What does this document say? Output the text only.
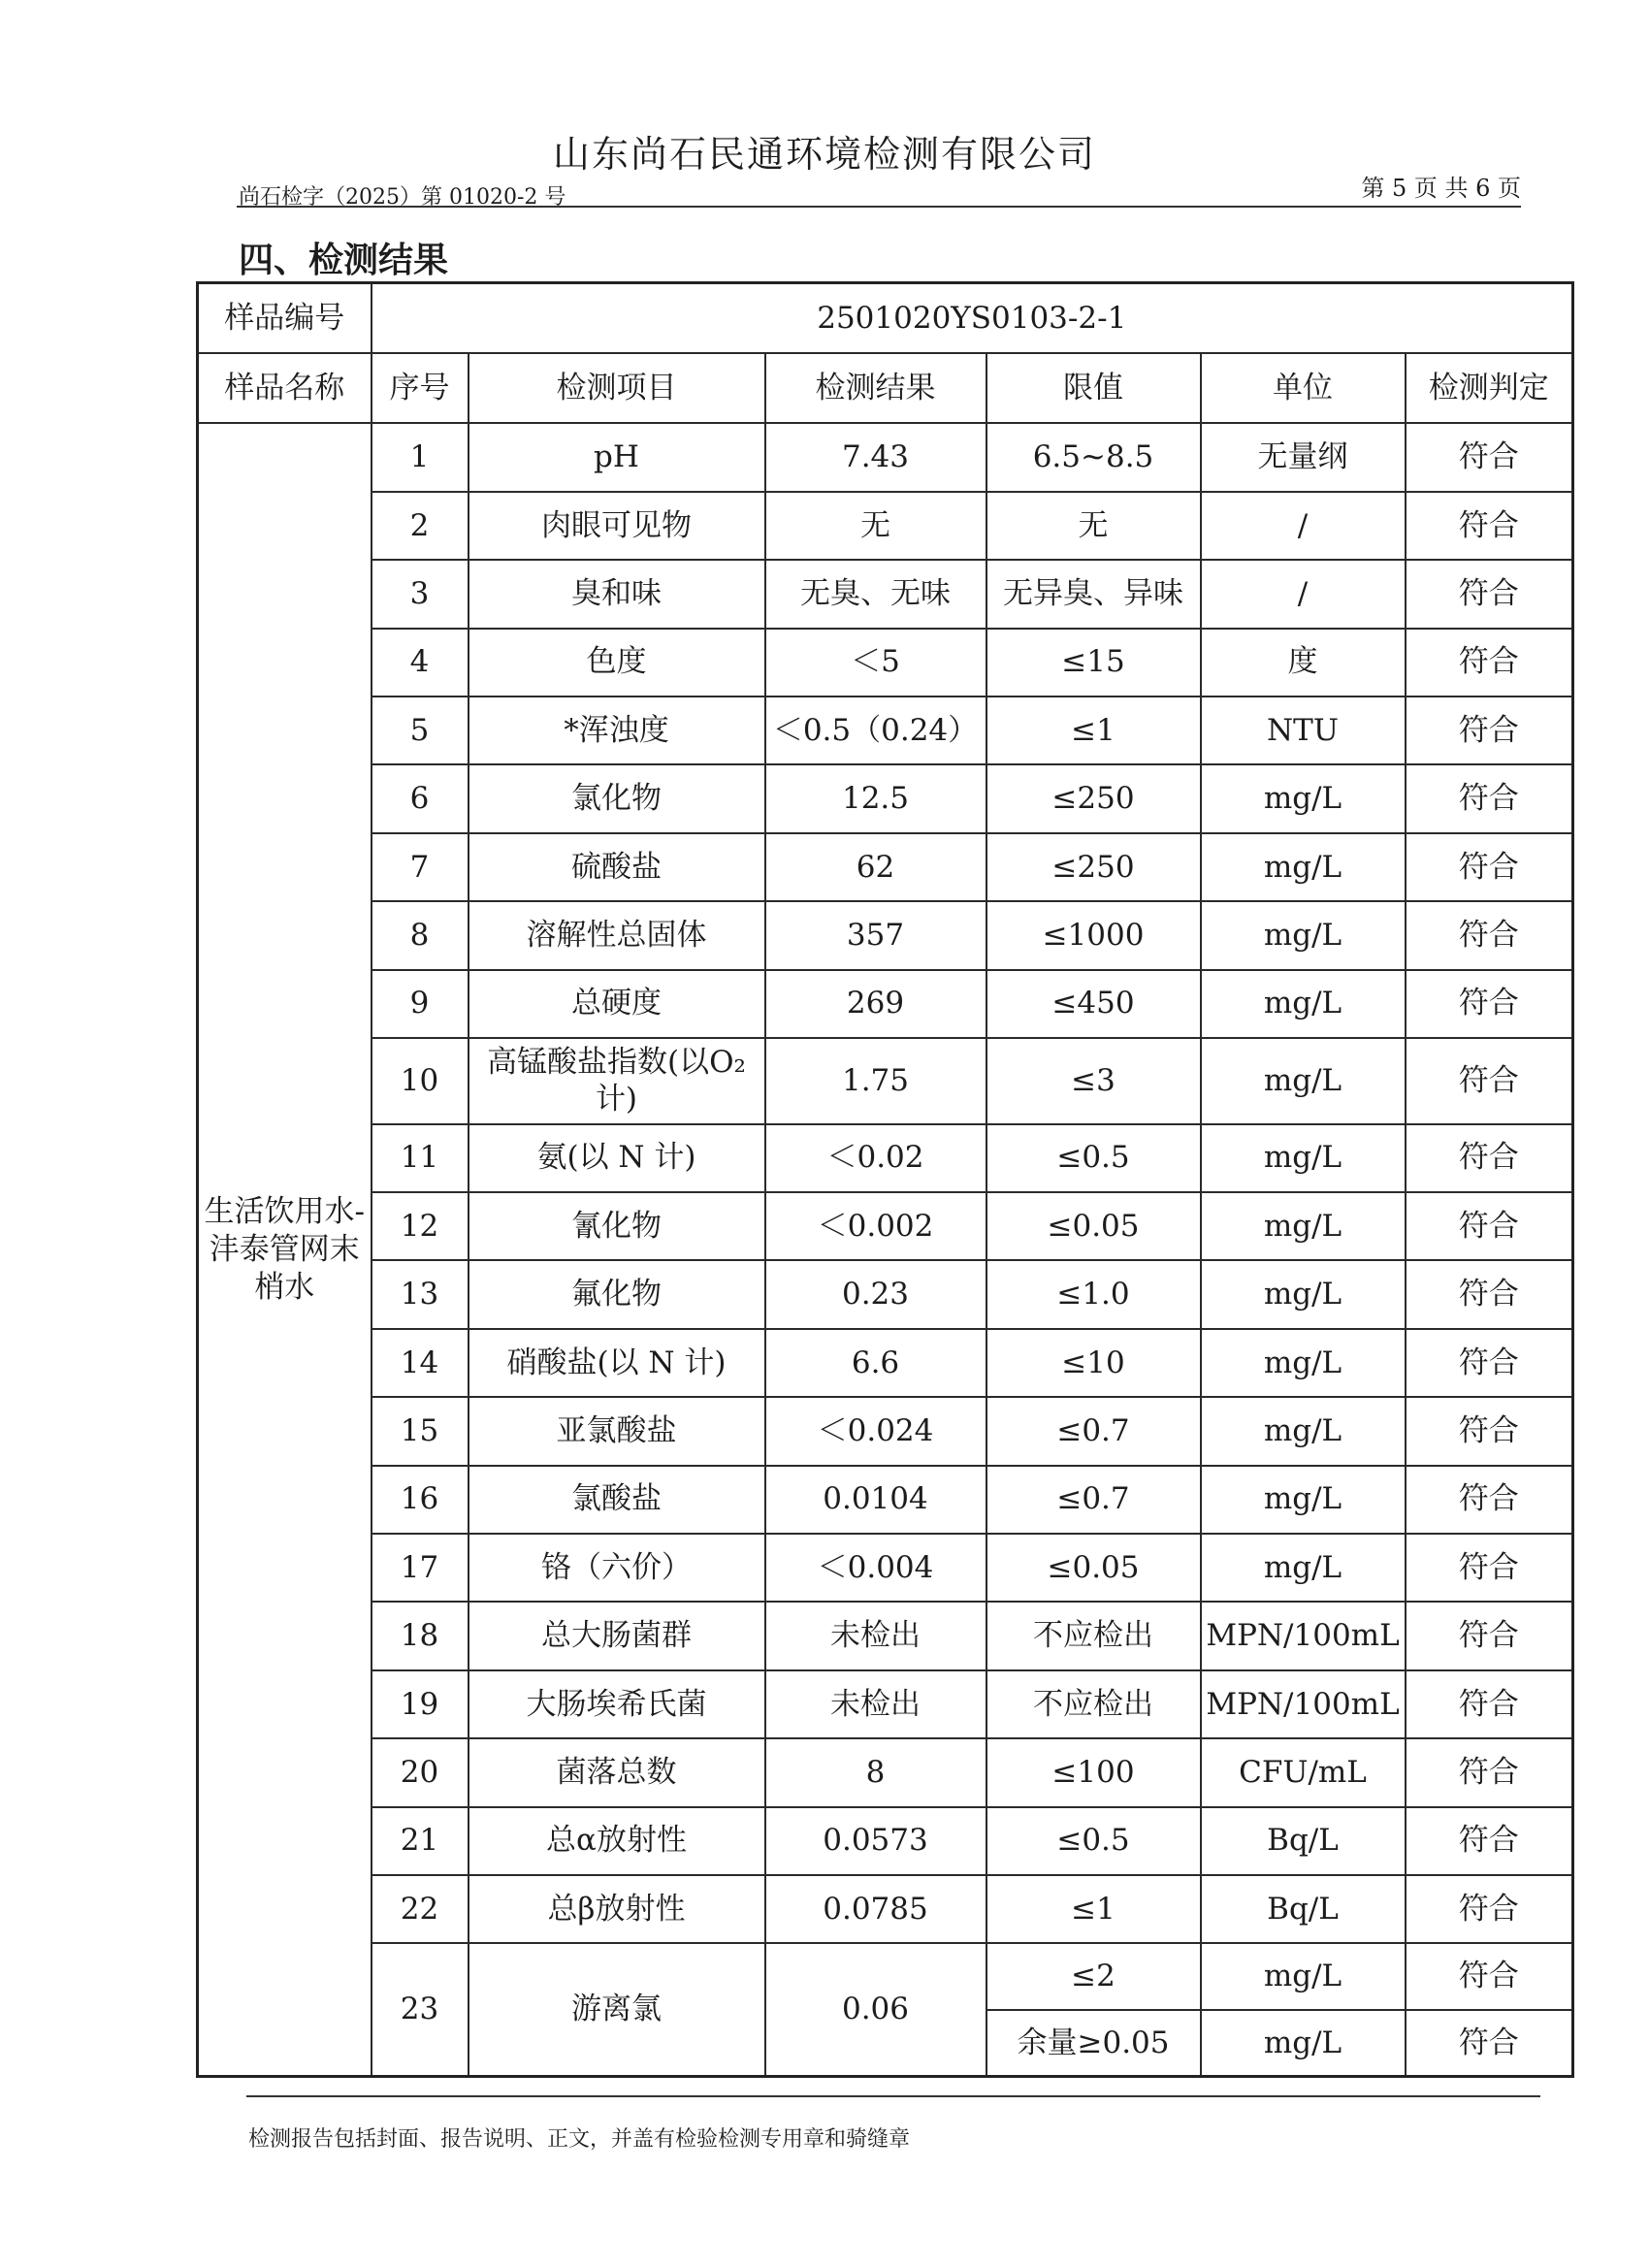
山东尚石民通环境检测有限公司
尚石检字（2025）第 01020-2 号	第 5 页 共 6 页
四、检测结果
样品编号	2501020YS0103-2-1					
样品名称	序号	检测项目	检测结果	限值	单位	检测判定
生活饮用水-沣泰管网末梢水	1	pH	7.43	6.5~8.5	无量纲	符合
	2	肉眼可见物	无	无	/	符合
	3	臭和味	无臭、无味	无异臭、异味	/	符合
	4	色度	＜5	≤15	度	符合
	5	*浑浊度	＜0.5（0.24）	≤1	NTU	符合
	6	氯化物	12.5	≤250	mg/L	符合
	7	硫酸盐	62	≤250	mg/L	符合
	8	溶解性总固体	357	≤1000	mg/L	符合
	9	总硬度	269	≤450	mg/L	符合
	10	高锰酸盐指数(以O₂计)	1.75	≤3	mg/L	符合
	11	氨(以 N 计)	＜0.02	≤0.5	mg/L	符合
	12	氰化物	＜0.002	≤0.05	mg/L	符合
	13	氟化物	0.23	≤1.0	mg/L	符合
	14	硝酸盐(以 N 计)	6.6	≤10	mg/L	符合
	15	亚氯酸盐	＜0.024	≤0.7	mg/L	符合
	16	氯酸盐	0.0104	≤0.7	mg/L	符合
	17	铬（六价）	＜0.004	≤0.05	mg/L	符合
	18	总大肠菌群	未检出	不应检出	MPN/100mL	符合
	19	大肠埃希氏菌	未检出	不应检出	MPN/100mL	符合
	20	菌落总数	8	≤100	CFU/mL	符合
	21	总α放射性	0.0573	≤0.5	Bq/L	符合
	22	总β放射性	0.0785	≤1	Bq/L	符合
	23	游离氯	0.06	≤2	mg/L	符合
				余量≥0.05	mg/L	符合
检测报告包括封面、报告说明、正文，并盖有检验检测专用章和骑缝章
